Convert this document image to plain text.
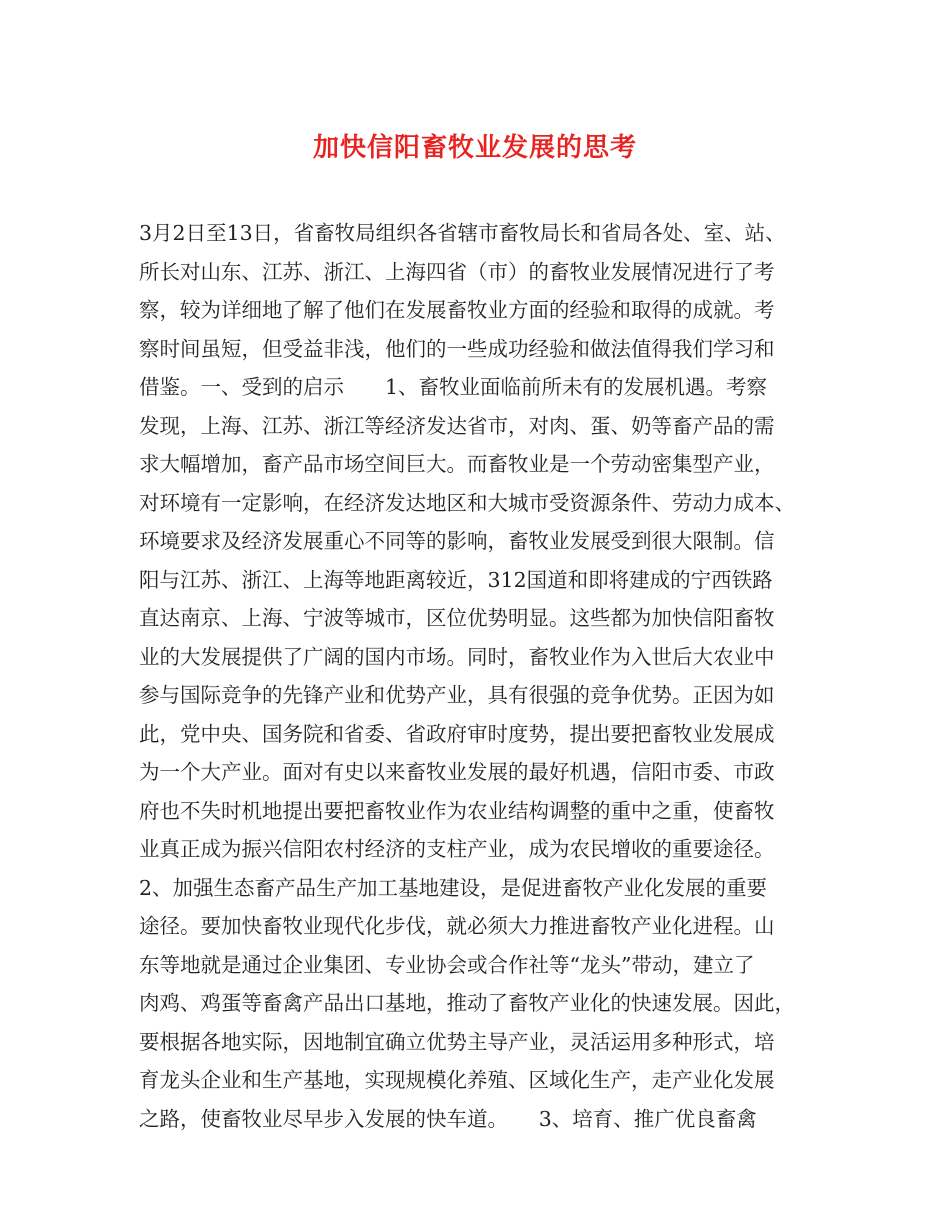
加快信阳畜牧业发展的思考
3月2日至13日，省畜牧局组织各省辖市畜牧局长和省局各处、室、站、
所长对山东、江苏、浙江、上海四省（市）的畜牧业发展情况进行了考
察，较为详细地了解了他们在发展畜牧业方面的经验和取得的成就。考
察时间虽短，但受益非浅，他们的一些成功经验和做法值得我们学习和
借鉴。一、受到的启示　　1、畜牧业面临前所未有的发展机遇。考察
发现，上海、江苏、浙江等经济发达省市，对肉、蛋、奶等畜产品的需
求大幅增加，畜产品市场空间巨大。而畜牧业是一个劳动密集型产业，
对环境有一定影响，在经济发达地区和大城市受资源条件、劳动力成本、
环境要求及经济发展重心不同等的影响，畜牧业发展受到很大限制。信
阳与江苏、浙江、上海等地距离较近，312国道和即将建成的宁西铁路
直达南京、上海、宁波等城市，区位优势明显。这些都为加快信阳畜牧
业的大发展提供了广阔的国内市场。同时，畜牧业作为入世后大农业中
参与国际竞争的先锋产业和优势产业，具有很强的竞争优势。正因为如
此，党中央、国务院和省委、省政府审时度势，提出要把畜牧业发展成
为一个大产业。面对有史以来畜牧业发展的最好机遇，信阳市委、市政
府也不失时机地提出要把畜牧业作为农业结构调整的重中之重，使畜牧
业真正成为振兴信阳农村经济的支柱产业，成为农民增收的重要途径。
2、加强生态畜产品生产加工基地建设，是促进畜牧产业化发展的重要
途径。要加快畜牧业现代化步伐，就必须大力推进畜牧产业化进程。山
东等地就是通过企业集团、专业协会或合作社等“龙头”带动，建立了
肉鸡、鸡蛋等畜禽产品出口基地，推动了畜牧产业化的快速发展。因此，
要根据各地实际，因地制宜确立优势主导产业，灵活运用多种形式，培
育龙头企业和生产基地，实现规模化养殖、区域化生产，走产业化发展
之路，使畜牧业尽早步入发展的快车道。　　3、培育、推广优良畜禽
